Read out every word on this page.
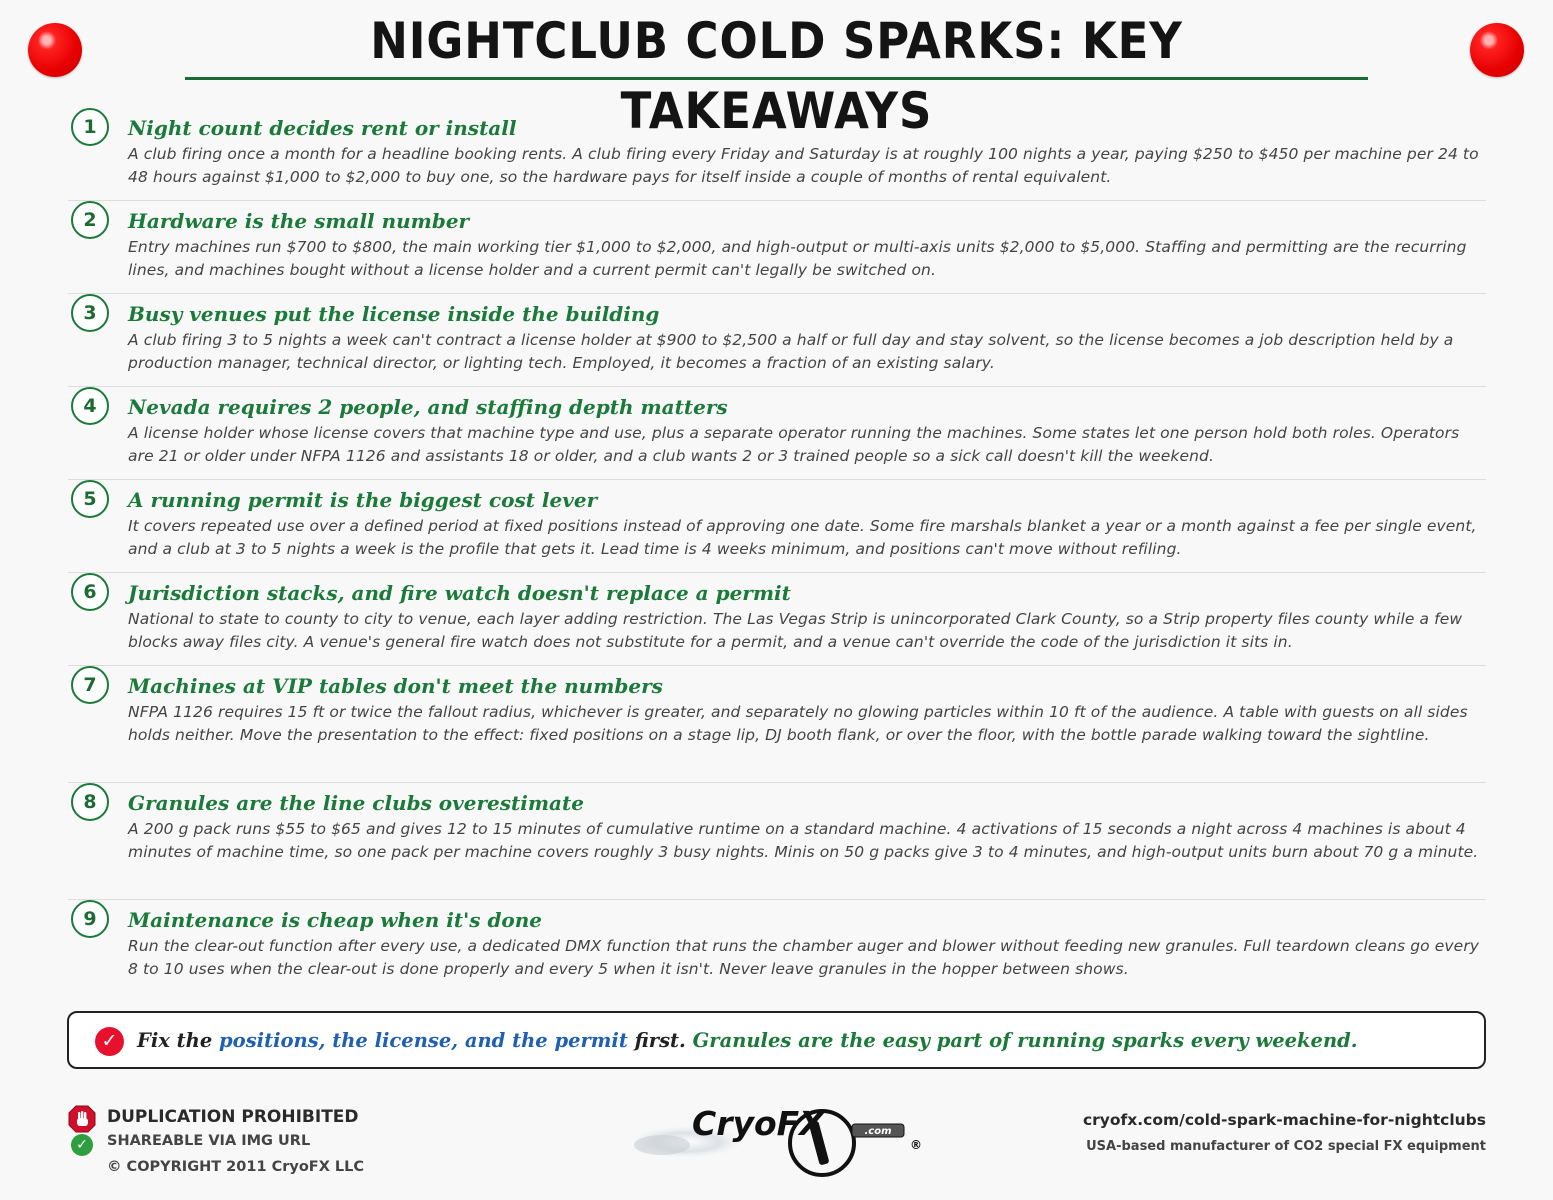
NIGHTCLUB COLD SPARKS: KEY TAKEAWAYS
1	Night count decides rent or install
A club firing once a month for a headline booking rents. A club firing every Friday and Saturday is at roughly 100 nights a year, paying $250 to $450 per machine per 24 to 48 hours against $1,000 to $2,000 to buy one, so the hardware pays for itself inside a couple of months of rental equivalent.
2	Hardware is the small number
Entry machines run $700 to $800, the main working tier $1,000 to $2,000, and high-output or multi-axis units $2,000 to $5,000. Staffing and permitting are the recurring lines, and machines bought without a license holder and a current permit can't legally be switched on.
3	Busy venues put the license inside the building
A club firing 3 to 5 nights a week can't contract a license holder at $900 to $2,500 a half or full day and stay solvent, so the license becomes a job description held by a production manager, technical director, or lighting tech. Employed, it becomes a fraction of an existing salary.
4	Nevada requires 2 people, and staffing depth matters
A license holder whose license covers that machine type and use, plus a separate operator running the machines. Some states let one person hold both roles. Operators are 21 or older under NFPA 1126 and assistants 18 or older, and a club wants 2 or 3 trained people so a sick call doesn't kill the weekend.
5	A running permit is the biggest cost lever
It covers repeated use over a defined period at fixed positions instead of approving one date. Some fire marshals blanket a year or a month against a fee per single event, and a club at 3 to 5 nights a week is the profile that gets it. Lead time is 4 weeks minimum, and positions can't move without refiling.
6	Jurisdiction stacks, and fire watch doesn't replace a permit
National to state to county to city to venue, each layer adding restriction. The Las Vegas Strip is unincorporated Clark County, so a Strip property files county while a few blocks away files city. A venue's general fire watch does not substitute for a permit, and a venue can't override the code of the jurisdiction it sits in.
7	Machines at VIP tables don't meet the numbers
NFPA 1126 requires 15 ft or twice the fallout radius, whichever is greater, and separately no glowing particles within 10 ft of the audience. A table with guests on all sides holds neither. Move the presentation to the effect: fixed positions on a stage lip, DJ booth flank, or over the floor, with the bottle parade walking toward the sightline.
8	Granules are the line clubs overestimate
A 200 g pack runs $55 to $65 and gives 12 to 15 minutes of cumulative runtime on a standard machine. 4 activations of 15 seconds a night across 4 machines is about 4 minutes of machine time, so one pack per machine covers roughly 3 busy nights. Minis on 50 g packs give 3 to 4 minutes, and high-output units burn about 70 g a minute.
9	Maintenance is cheap when it's done
Run the clear-out function after every use, a dedicated DMX function that runs the chamber auger and blower without feeding new granules. Full teardown cleans go every 8 to 10 uses when the clear-out is done properly and every 5 when it isn't. Never leave granules in the hopper between shows.
✓	Fix the positions, the license, and the permit first. Granules are the easy part of running sparks every weekend.
DUPLICATION PROHIBITED
✓	SHAREABLE VIA IMG URL
© COPYRIGHT 2011 CryoFX LLC
.com
CryoFX
®
cryofx.com/cold-spark-machine-for-nightclubs
USA-based manufacturer of CO2 special FX equipment
